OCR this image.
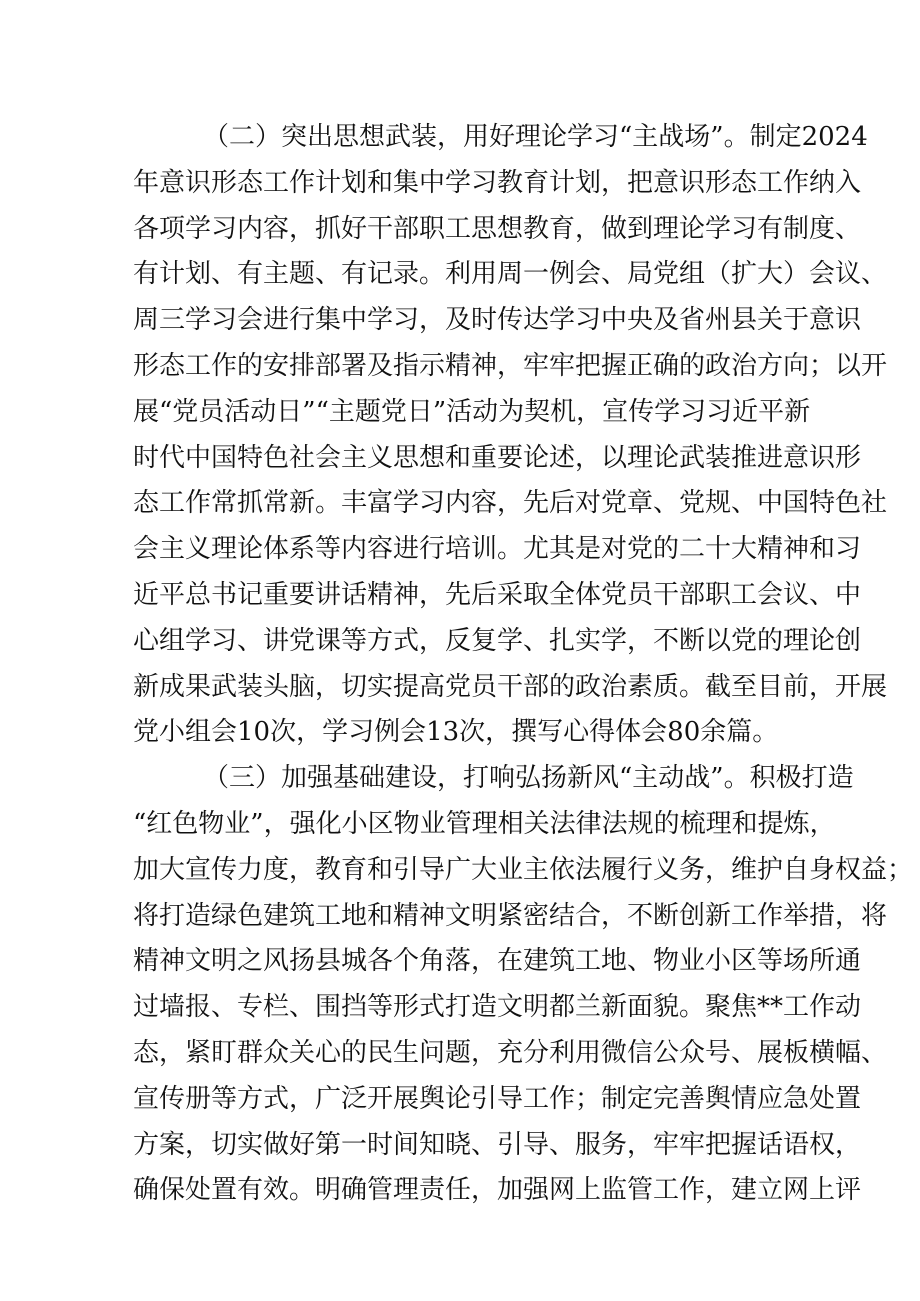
（二）突出思想武装，用好理论学习“主战场”。制定2024
年意识形态工作计划和集中学习教育计划，把意识形态工作纳入
各项学习内容，抓好干部职工思想教育，做到理论学习有制度、
有计划、有主题、有记录。利用周一例会、局党组（扩大）会议、
周三学习会进行集中学习，及时传达学习中央及省州县关于意识
形态工作的安排部署及指示精神，牢牢把握正确的政治方向；以开
展“党员活动日”“主题党日”活动为契机，宣传学习习近平新
时代中国特色社会主义思想和重要论述，以理论武装推进意识形
态工作常抓常新。丰富学习内容，先后对党章、党规、中国特色社
会主义理论体系等内容进行培训。尤其是对党的二十大精神和习
近平总书记重要讲话精神，先后采取全体党员干部职工会议、中
心组学习、讲党课等方式，反复学、扎实学，不断以党的理论创
新成果武装头脑，切实提高党员干部的政治素质。截至目前，开展
党小组会10次，学习例会13次，撰写心得体会80余篇。
（三）加强基础建设，打响弘扬新风“主动战”。积极打造
“红色物业”，强化小区物业管理相关法律法规的梳理和提炼，
加大宣传力度，教育和引导广大业主依法履行义务，维护自身权益；
将打造绿色建筑工地和精神文明紧密结合，不断创新工作举措，将
精神文明之风扬县城各个角落，在建筑工地、物业小区等场所通
过墙报、专栏、围挡等形式打造文明都兰新面貌。聚焦**工作动
态，紧盯群众关心的民生问题，充分利用微信公众号、展板横幅、
宣传册等方式，广泛开展舆论引导工作；制定完善舆情应急处置
方案，切实做好第一时间知晓、引导、服务，牢牢把握话语权，
确保处置有效。明确管理责任，加强网上监管工作，建立网上评
